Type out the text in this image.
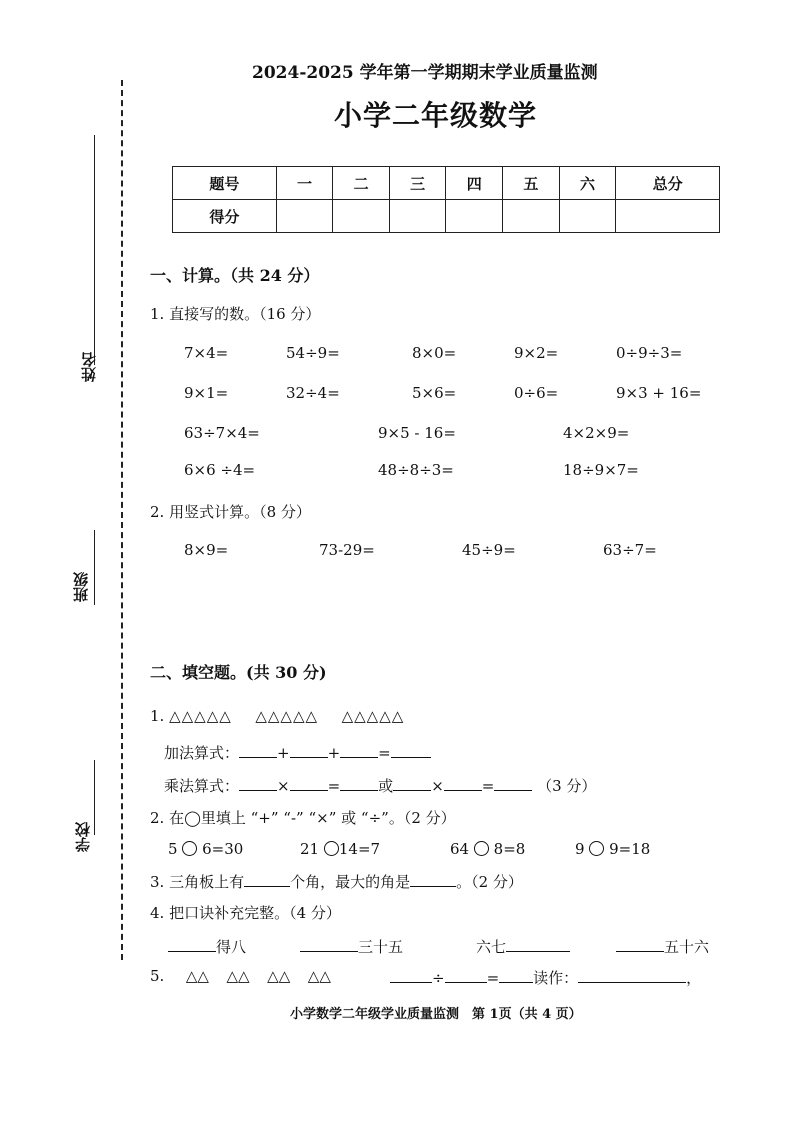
姓名
班级
学校
2024-2025 学年第一学期期末学业质量监测
小学二年级数学
题号	一	二	三	四	五	六	总分
得分							
一、计算。（共 24 分）
1. 直接写的数。（16 分）
7×4=	54÷9=	8×0=	9×2=	0÷9÷3=
9×1=	32÷4=	5×6=	0÷6=	9×3 + 16=
63÷7×4=	9×5 - 16=	4×2×9=
6×6 ÷4=	48÷8÷3=	18÷9×7=
2. 用竖式计算。（8 分）
8×9=	73-29=	45÷9=	63÷7=
二、填空题。(共 30 分)
1. △△△△△ △△△△△ △△△△△
加法算式：	+	+	=
乘法算式：	×	=	或	×	=	（3 分）
2. 在◯里填上 “+” “-” “×” 或 “÷”。（2 分）
5 6=30	21 14=7	64 8=8	9 9=18
3. 三角板上有	个角，最大的角是	。（2 分）
4. 把口诀补充完整。（4 分）
得八	三十五	六七	五十六
5. △△ △△ △△ △△	÷	= 读作：	，
小学数学二年级学业质量监测　第 1页（共 4 页）
